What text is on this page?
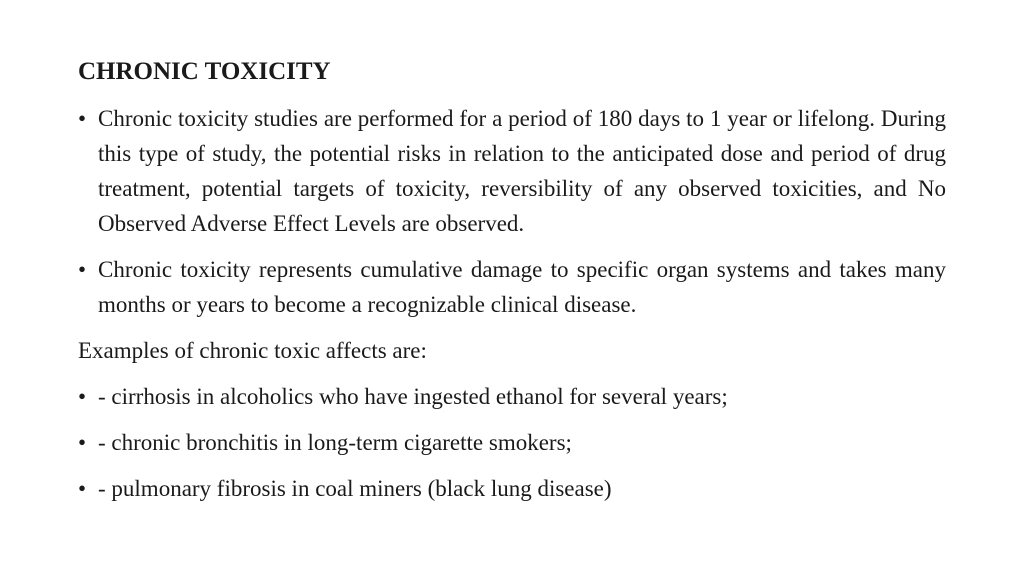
CHRONIC TOXICITY
• Chronic toxicity studies are performed for a period of 180 days to 1 year or lifelong. During this type of study, the potential risks in relation to the anticipated dose and period of drug treatment, potential targets of toxicity, reversibility of any observed toxicities, and No Observed Adverse Effect Levels are observed.
• Chronic toxicity represents cumulative damage to specific organ systems and takes many months or years to become a recognizable clinical disease.
Examples of chronic toxic affects are:
• - cirrhosis in alcoholics who have ingested ethanol for several years;
• - chronic bronchitis in long-term cigarette smokers;
• - pulmonary fibrosis in coal miners (black lung disease)
